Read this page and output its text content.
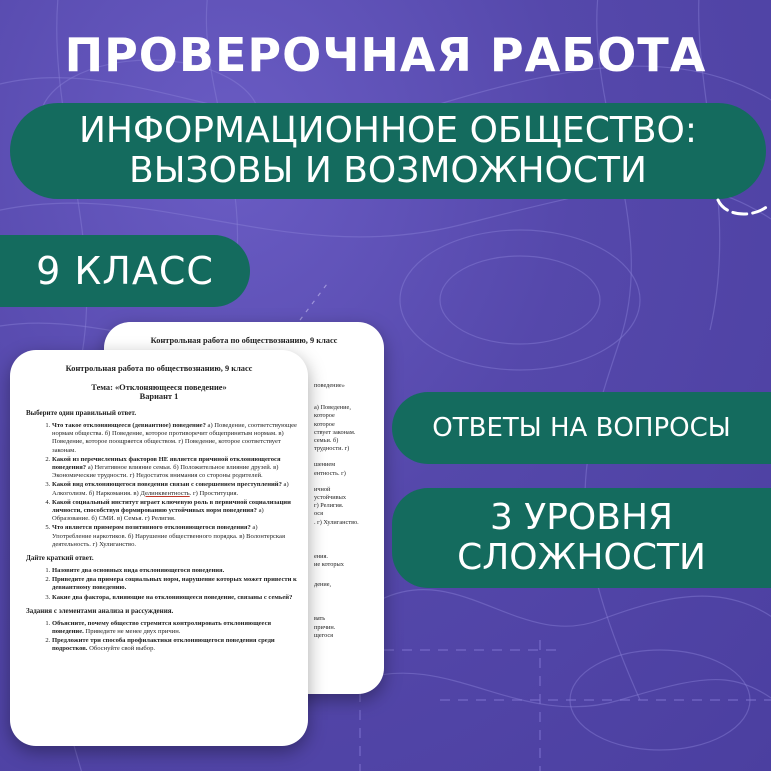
ПРОВЕРОЧНАЯ РАБОТА
ИНФОРМАЦИОННОЕ ОБЩЕСТВО: ВЫЗОВЫ И ВОЗМОЖНОСТИ
9 КЛАСС
Контрольная работа по обществознанию, 9 класс
поведение»
а) Поведение,
которое
которое
ствует законам.
семьи. б)
трудности. г)
шением
ентность. г)
ичной
устойчивых
г) Религия.
ося
. г) Хулиганство.
ения.
ие которых
дение,
вать
причин.
щегося
Контрольная работа по обществознанию, 9 класс
Тема: «Отклоняющееся поведение»
Вариант 1
Выберите один правильный ответ.
1. Что такое отклоняющееся (девиантное) поведение? а) Поведение, соответствующее нормам общества. б) Поведение, которое противоречит общепринятым нормам. в) Поведение, которое поощряется обществом. г) Поведение, которое соответствует законам.
2. Какой из перечисленных факторов НЕ является причиной отклоняющегося поведения? а) Негативное влияние семьи. б) Положительное влияние друзей. в) Экономические трудности. г) Недостаток внимания со стороны родителей.
3. Какой вид отклоняющегося поведения связан с совершением преступлений? а) Алкоголизм. б) Наркомания. в) Делинквентность. г) Проституция.
4. Какой социальный институт играет ключевую роль в первичной социализации личности, способствуя формированию устойчивых норм поведения? а) Образование. б) СМИ. в) Семья. г) Религия.
5. Что является примером позитивного отклоняющегося поведения? а) Употребление наркотиков. б) Нарушение общественного порядка. в) Волонтерская деятельность. г) Хулиганство.
Дайте краткий ответ.
1. Назовите два основных вида отклоняющегося поведения.
2. Приведите два примера социальных норм, нарушение которых может привести к девиантному поведению.
3. Какие два фактора, влияющие на отклоняющееся поведение, связаны с семьей?
Задания с элементами анализа и рассуждения.
1. Объясните, почему общество стремится контролировать отклоняющееся поведение. Приведите не менее двух причин.
2. Предложите три способа профилактики отклоняющегося поведения среди подростков. Обоснуйте свой выбор.
ОТВЕТЫ НА ВОПРОСЫ
3 УРОВНЯ СЛОЖНОСТИ
